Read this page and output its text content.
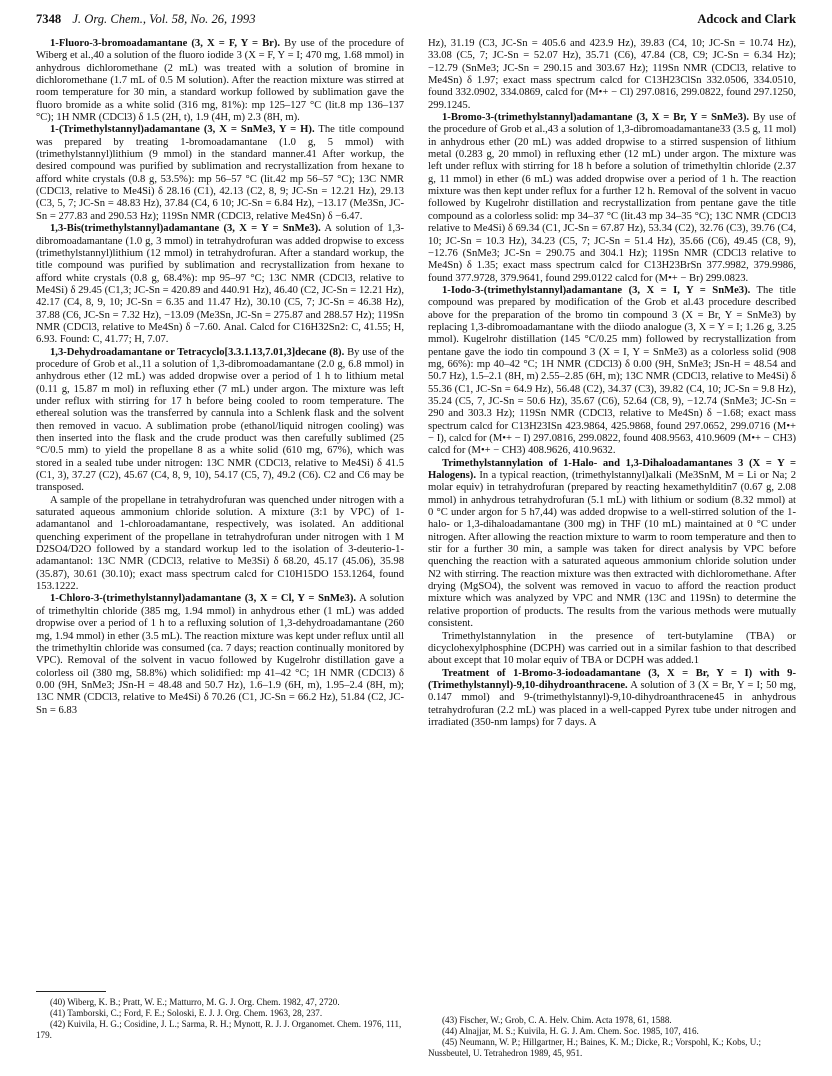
7348 J. Org. Chem., Vol. 58, No. 26, 1993	Adcock and Clark

1-Fluoro-3-bromoadamantane (3, X = F, Y = Br). By use of the procedure of Wiberg et al.,40 a solution of the fluoro iodide 3 (X = F, Y = I; 470 mg, 1.68 mmol) in anhydrous dichloromethane (2 mL) was treated with a solution of bromine in dichloromethane (1.7 mL of 0.5 M solution). After the reaction mixture was stirred at room temperature for 30 min, a standard workup followed by sublimation gave the fluoro bromide as a white solid (316 mg, 81%): mp 125–127 °C (lit.8 mp 136–137 °C); 1H NMR (CDCl3) δ 1.5 (2H, t), 1.9 (4H, m) 2.3 (8H, m).

1-(Trimethylstannyl)adamantane (3, X = SnMe3, Y = H). The title compound was prepared by treating 1-bromoadamantane (1.0 g, 5 mmol) with (trimethylstannyl)lithium (9 mmol) in the standard manner.41 After workup, the desired compound was purified by sublimation and recrystallization from hexane to afford white crystals (0.8 g, 53.5%): mp 56–57 °C (lit.42 mp 56–57 °C); 13C NMR (CDCl3, relative to Me4Si) δ 28.16 (C1), 42.13 (C2, 8, 9; JC-Sn = 12.21 Hz), 29.13 (C3, 5, 7; JC-Sn = 48.83 Hz), 37.84 (C4, 6 10; JC-Sn = 6.84 Hz), −13.17 (Me3Sn, JC-Sn = 277.83 and 290.53 Hz); 119Sn NMR (CDCl3, relative Me4Sn) δ −6.47.

1,3-Bis(trimethylstannyl)adamantane (3, X = Y = SnMe3). A solution of 1,3-dibromoadamantane (1.0 g, 3 mmol) in tetrahydrofuran was added dropwise to excess (trimethylstannyl)lithium (12 mmol) in tetrahydrofuran. After a standard workup, the title compound was purified by sublimation and recrystallization from hexane to afford white crystals (0.8 g, 68.4%): mp 95–97 °C; 13C NMR (CDCl3, relative to Me4Si) δ 29.45 (C1,3; JC-Sn = 420.89 and 440.91 Hz), 46.40 (C2, JC-Sn = 12.21 Hz), 42.17 (C4, 8, 9, 10; JC-Sn = 6.35 and 11.47 Hz), 30.10 (C5, 7; JC-Sn = 46.38 Hz), 37.88 (C6, JC-Sn = 7.32 Hz), −13.09 (Me3Sn, JC-Sn = 275.87 and 288.57 Hz); 119Sn NMR (CDCl3, relative to Me4Sn) δ −7.60. Anal. Calcd for C16H32Sn2: C, 41.55; H, 6.93. Found: C, 41.77; H, 7.07.

1,3-Dehydroadamantane or Tetracyclo[3.3.1.13,7.01,3]decane (8). By use of the procedure of Grob et al.,11 a solution of 1,3-dibromoadamantane (2.0 g, 6.8 mmol) in anhydrous ether (12 mL) was added dropwise over a period of 1 h to lithium metal (0.11 g, 15.87 m mol) in refluxing ether (7 mL) under argon. The mixture was left under reflux with stirring for 17 h before being cooled to room temperature. The ethereal solution was the transferred by cannula into a Schlenk flask and the solvent then removed in vacuo. A sublimation probe (ethanol/liquid nitrogen cooling) was then inserted into the flask and the crude product was then carefully sublimed (25 °C/0.5 mm) to yield the propellane 8 as a white solid (610 mg, 67%), which was stored in a sealed tube under nitrogen: 13C NMR (CDCl3, relative to Me4Si) δ 41.5 (C1, 3), 37.27 (C2), 45.67 (C4, 8, 9, 10), 54.17 (C5, 7), 49.2 (C6). C2 and C6 may be transposed.

A sample of the propellane in tetrahydrofuran was quenched under nitrogen with a saturated aqueous ammonium chloride solution. A mixture (3:1 by VPC) of 1-adamantanol and 1-chloroadamantane, respectively, was isolated. An additional quenching experiment of the propellane in tetrahydrofuran under nitrogen with 1 M D2SO4/D2O followed by a standard workup led to the isolation of 3-deuterio-1-adamantanol: 13C NMR (CDCl3, relative to Me3Si) δ 68.20, 45.17 (45.06), 35.98 (35.87), 30.61 (30.10); exact mass spectrum calcd for C10H15DO 153.1264, found 153.1222.

1-Chloro-3-(trimethylstannyl)adamantane (3, X = Cl, Y = SnMe3). A solution of trimethyltin chloride (385 mg, 1.94 mmol) in anhydrous ether (1 mL) was added dropwise over a period of 1 h to a refluxing solution of 1,3-dehydroadamantane (260 mg, 1.94 mmol) in ether (3.5 mL). The reaction mixture was kept under reflux until all the trimethyltin chloride was consumed (ca. 7 days; reaction continually monitored by VPC). Removal of the solvent in vacuo followed by Kugelrohr distillation gave a colorless oil (380 mg, 58.8%) which solidified: mp 41–42 °C; 1H NMR (CDCl3) δ 0.00 (9H, SnMe3; JSn-H = 48.48 and 50.7 Hz), 1.6–1.9 (6H, m), 1.95–2.4 (8H, m); 13C NMR (CDCl3, relative to Me4Si) δ 70.26 (C1, JC-Sn = 66.2 Hz), 51.84 (C2, JC-Sn = 6.83

Hz), 31.19 (C3, JC-Sn = 405.6 and 423.9 Hz), 39.83 (C4, 10; JC-Sn = 10.74 Hz), 33.08 (C5, 7; JC-Sn = 52.07 Hz), 35.71 (C6), 47.84 (C8, C9; JC-Sn = 6.34 Hz); −12.79 (SnMe3; JC-Sn = 290.15 and 303.67 Hz); 119Sn NMR (CDCl3, relative to Me4Sn) δ 1.97; exact mass spectrum calcd for C13H23ClSn 332.0506, 334.0510, found 332.0902, 334.0869, calcd for (M•+ − Cl) 297.0816, 299.0822, found 297.1250, 299.1245.

1-Bromo-3-(trimethylstannyl)adamantane (3, X = Br, Y = SnMe3). By use of the procedure of Grob et al.,43 a solution of 1,3-dibromoadamantane33 (3.5 g, 11 mol) in anhydrous ether (20 mL) was added dropwise to a stirred suspension of lithium metal (0.283 g, 20 mmol) in refluxing ether (12 mL) under argon. The mixture was left under reflux with stirring for 18 h before a solution of trimethyltin chloride (2.37 g, 11 mmol) in ether (6 mL) was added dropwise over a period of 1 h. The reaction mixture was then kept under reflux for a further 12 h. Removal of the solvent in vacuo followed by Kugelrohr distillation and recrystallization from pentane gave the title compound as a colorless solid: mp 34–37 °C (lit.43 mp 34–35 °C); 13C NMR (CDCl3 relative to Me4Si) δ 69.34 (C1, JC-Sn = 67.87 Hz), 53.34 (C2), 32.76 (C3), 39.76 (C4, 10; JC-Sn = 10.3 Hz), 34.23 (C5, 7; JC-Sn = 51.4 Hz), 35.66 (C6), 49.45 (C8, 9), −12.76 (SnMe3; JC-Sn = 290.75 and 304.1 Hz); 119Sn NMR (CDCl3 relative to Me4Sn) δ 1.35; exact mass spectrum calcd for C13H23BrSn 377.9982, 379.9986, found 377.9728, 379.9641, found 299.0122 calcd for (M•+ − Br) 299.0823.

1-Iodo-3-(trimethylstannyl)adamantane (3, X = I, Y = SnMe3). The title compound was prepared by modification of the Grob et al.43 procedure described above for the preparation of the bromo tin compound 3 (X = Br, Y = SnMe3) by replacing 1,3-dibromoadamantane with the diiodo analogue (3, X = Y = I; 1.26 g, 3.25 mmol). Kugelrohr distillation (145 °C/0.25 mm) followed by recrystallization from pentane gave the iodo tin compound 3 (X = I, Y = SnMe3) as a colorless solid (908 mg, 66%): mp 40–42 °C; 1H NMR (CDCl3) δ 0.00 (9H, SnMe3; JSn-H = 48.54 and 50.7 Hz), 1.5–2.1 (8H, m) 2.55–2.85 (6H, m); 13C NMR (CDCl3, relative to Me4Si) δ 55.36 (C1, JC-Sn = 64.9 Hz), 56.48 (C2), 34.37 (C3), 39.82 (C4, 10; JC-Sn = 9.8 Hz), 35.24 (C5, 7, JC-Sn = 50.6 Hz), 35.67 (C6), 52.64 (C8, 9), −12.74 (SnMe3; JC-Sn = 290 and 303.3 Hz); 119Sn NMR (CDCl3, relative to Me4Sn) δ −1.68; exact mass spectrum calcd for C13H23ISn 423.9864, 425.9868, found 297.0652, 299.0716 (M•+ − I), calcd for (M•+ − I) 297.0816, 299.0822, found 408.9563, 410.9609 (M•+ − CH3) calcd for (M•+ − CH3) 408.9626, 410.9632.

Trimethylstannylation of 1-Halo- and 1,3-Dihaloadamantanes 3 (X = Y = Halogens). In a typical reaction, (trimethylstannyl)alkali (Me3SnM, M = Li or Na; 2 molar equiv) in tetrahydrofuran (prepared by reacting hexamethylditin7 (0.67 g, 2.08 mmol) in anhydrous tetrahydrofuran (5.1 mL) with lithium or sodium (8.32 mmol) at 0 °C under argon for 5 h7,44) was added dropwise to a well-stirred solution of the 1-halo- or 1,3-dihaloadamantane (300 mg) in THF (10 mL) maintained at 0 °C under nitrogen. After allowing the reaction mixture to warm to room temperature and then to stir for a further 30 min, a sample was taken for direct analysis by VPC before quenching the reaction with a saturated aqueous ammonium chloride solution under N2 with stirring. The reaction mixture was then extracted with dichloromethane. After drying (MgSO4), the solvent was removed in vacuo to afford the reaction product mixture which was analyzed by VPC and NMR (13C and 119Sn) to determine the relative proportion of products. The results from the various methods were mutually consistent.

Trimethylstannylation in the presence of tert-butylamine (TBA) or dicyclohexylphosphine (DCPH) was carried out in a similar fashion to that described about except that 10 molar equiv of TBA or DCPH was added.1

Treatment of 1-Bromo-3-iodoadamantane (3, X = Br, Y = I) with 9-(Trimethylstannyl)-9,10-dihydroanthracene. A solution of 3 (X = Br, Y = I; 50 mg, 0.147 mmol) and 9-(trimethylstannyl)-9,10-dihydroanthracene45 in anhydrous tetrahydrofuran (2.2 mL) was placed in a well-capped Pyrex tube under nitrogen and irradiated (350-nm lamps) for 7 days. A

(40) Wiberg, K. B.; Pratt, W. E.; Matturro, M. G. J. Org. Chem. 1982, 47, 2720.

(41) Tamborski, C.; Ford, F. E.; Soloski, E. J. J. Org. Chem. 1963, 28, 237.

(42) Kuivila, H. G.; Cosidine, J. L.; Sarma, R. H.; Mynott, R. J. J. Organomet. Chem. 1976, 111, 179.

(43) Fischer, W.; Grob, C. A. Helv. Chim. Acta 1978, 61, 1588.

(44) Alnajjar, M. S.; Kuivila, H. G. J. Am. Chem. Soc. 1985, 107, 416.

(45) Neumann, W. P.; Hillgartner, H.; Baines, K. M.; Dicke, R.; Vorspohl, K.; Kobs, U.; Nussbeutel, U. Tetrahedron 1989, 45, 951.
